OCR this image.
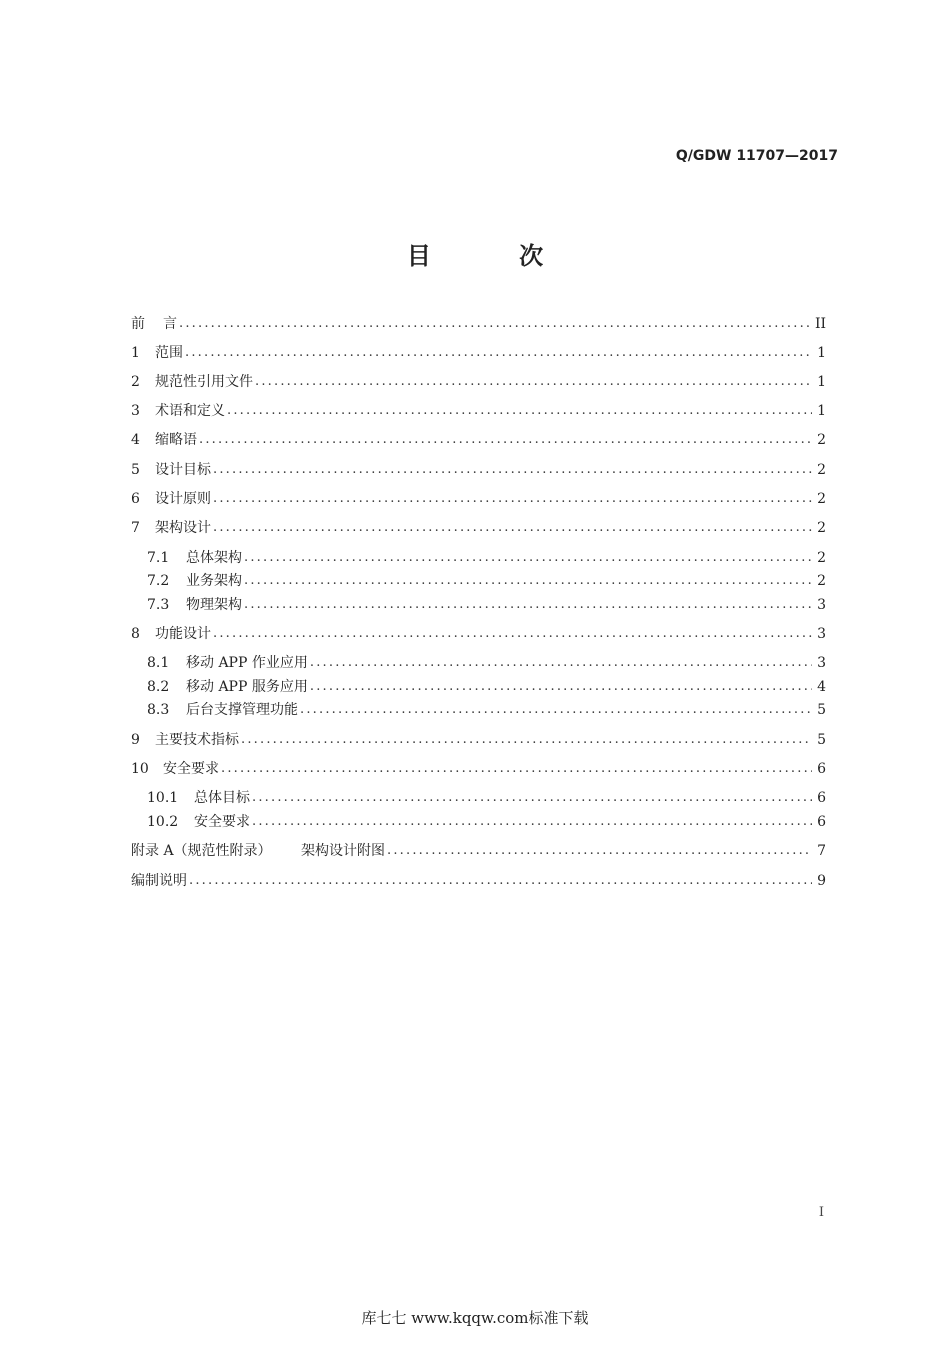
Q/GDW 11707—2017
目 次
前	言 .....	II
1	范围 .....	1
2	规范性引用文件 .....	1
3	术语和定义 .....	1
4	缩略语 .....	2
5	设计目标 .....	2
6	设计原则 .....	2
7	架构设计 .....	2
7.1	总体架构 .....	2
7.2	业务架构 .....	2
7.3	物理架构 .....	3
8	功能设计 .....	3
8.1	移动 APP 作业应用 .....	3
8.2	移动 APP 服务应用 .....	4
8.3	后台支撑管理功能 .....	5
9	主要技术指标 .....	5
10	安全要求 .....	6
10.1	总体目标 .....	6
10.2	安全要求 .....	6
附录 A（规范性附录）	架构设计附图 .....	7
编制说明 .....	9
I
库七七 www.kqqw.com标准下载
